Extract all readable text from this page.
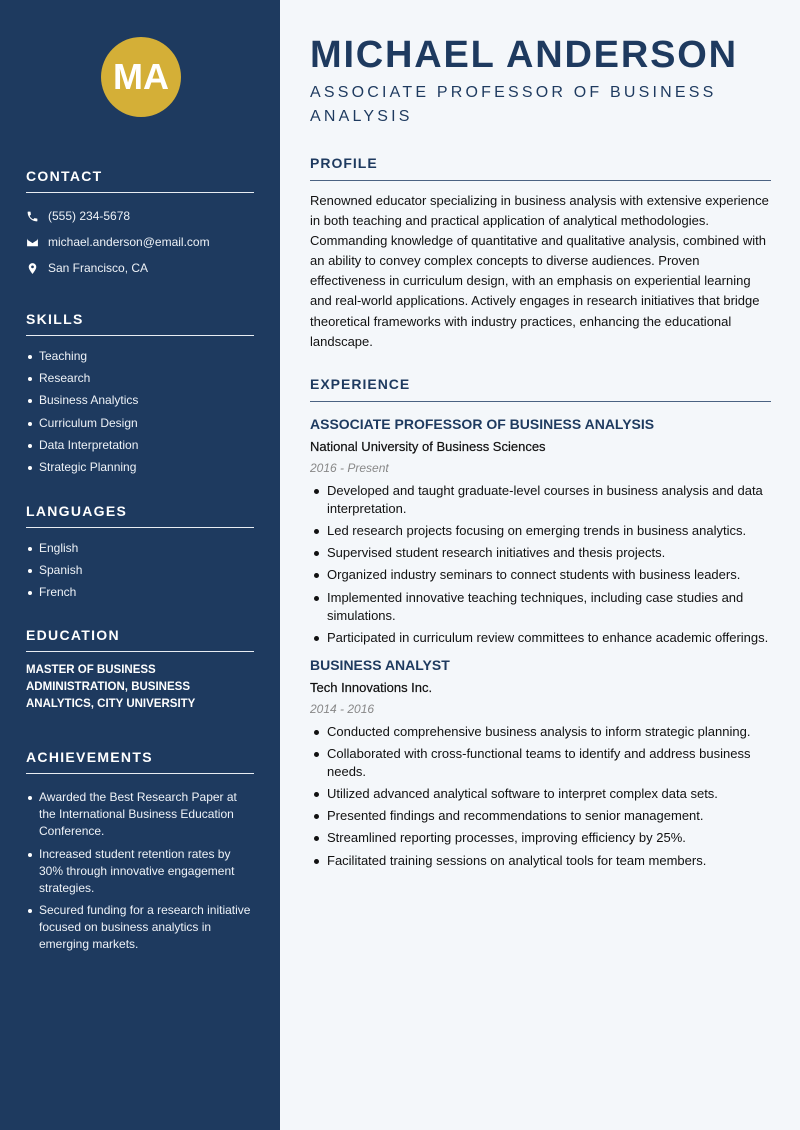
MA
CONTACT
(555) 234-5678
michael.anderson@email.com
San Francisco, CA
SKILLS
Teaching
Research
Business Analytics
Curriculum Design
Data Interpretation
Strategic Planning
LANGUAGES
English
Spanish
French
EDUCATION
MASTER OF BUSINESS ADMINISTRATION, BUSINESS ANALYTICS, CITY UNIVERSITY
ACHIEVEMENTS
Awarded the Best Research Paper at the International Business Education Conference.
Increased student retention rates by 30% through innovative engagement strategies.
Secured funding for a research initiative focused on business analytics in emerging markets.
MICHAEL ANDERSON
ASSOCIATE PROFESSOR OF BUSINESS ANALYSIS
PROFILE

Renowned educator specializing in business analysis with extensive experience in both teaching and practical application of analytical methodologies. Commanding knowledge of quantitative and qualitative analysis, combined with an ability to convey complex concepts to diverse audiences. Proven effectiveness in curriculum design, with an emphasis on experiential learning and real-world applications. Actively engages in research initiatives that bridge theoretical frameworks with industry practices, enhancing the educational landscape.

EXPERIENCE
ASSOCIATE PROFESSOR OF BUSINESS ANALYSIS
National University of Business Sciences
2016 - Present
Developed and taught graduate-level courses in business analysis and data interpretation.
Led research projects focusing on emerging trends in business analytics.
Supervised student research initiatives and thesis projects.
Organized industry seminars to connect students with business leaders.
Implemented innovative teaching techniques, including case studies and simulations.
Participated in curriculum review committees to enhance academic offerings.
BUSINESS ANALYST
Tech Innovations Inc.
2014 - 2016
Conducted comprehensive business analysis to inform strategic planning.
Collaborated with cross-functional teams to identify and address business needs.
Utilized advanced analytical software to interpret complex data sets.
Presented findings and recommendations to senior management.
Streamlined reporting processes, improving efficiency by 25%.
Facilitated training sessions on analytical tools for team members.
